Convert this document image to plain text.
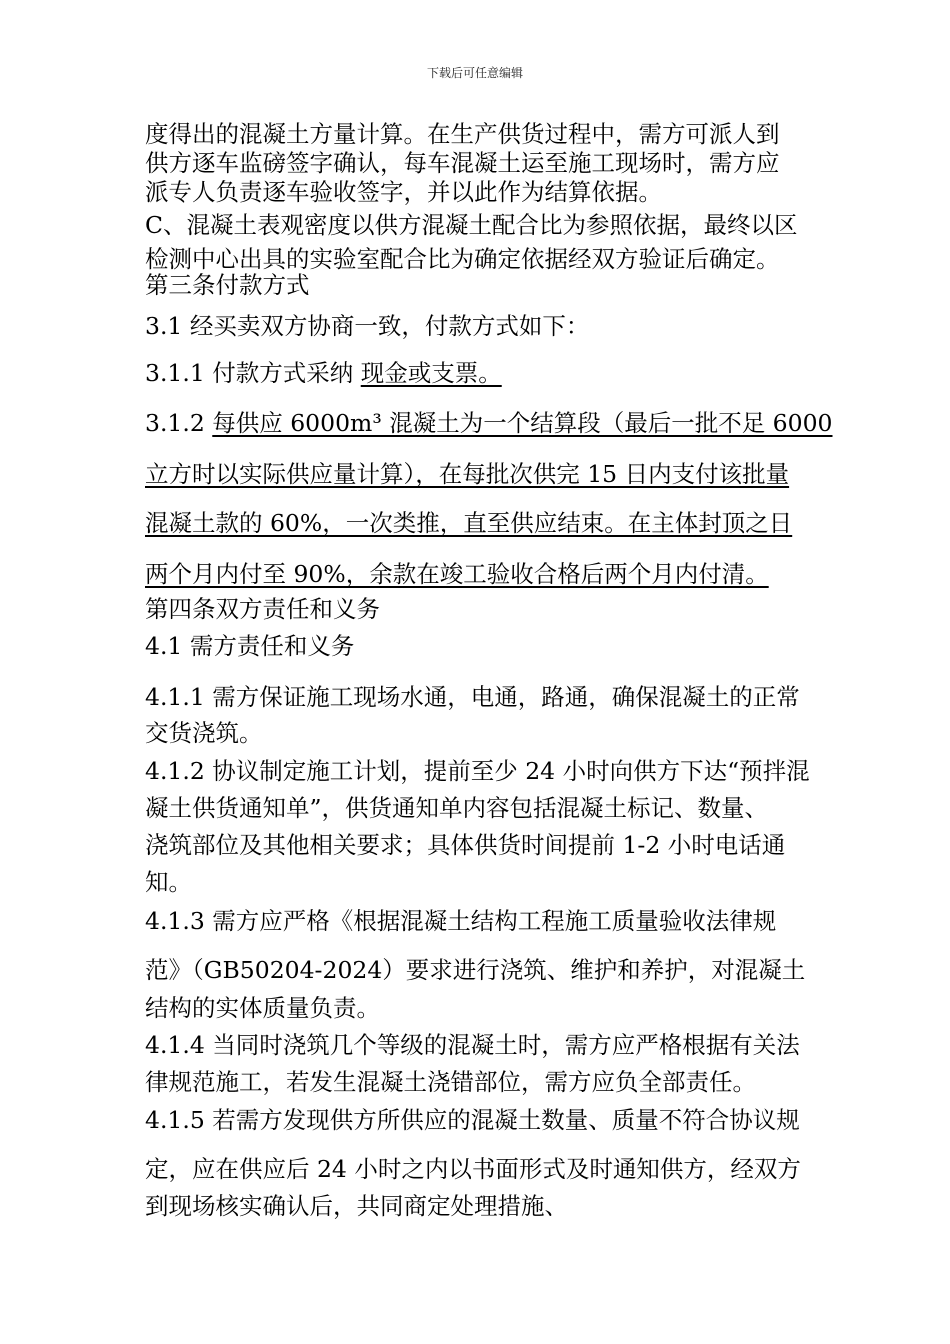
下载后可任意编辑
度得出的混凝土方量计算。在生产供货过程中，需方可派人到
供方逐车监磅签字确认，每车混凝土运至施工现场时，需方应
派专人负责逐车验收签字，并以此作为结算依据。
C、混凝土表观密度以供方混凝土配合比为参照依据，最终以区
检测中心出具的实验室配合比为确定依据经双方验证后确定。
第三条付款方式
3.1 经买卖双方协商一致，付款方式如下：
3.1.1 付款方式采纳 现金或支票。
3.1.2 每供应 6000m³ 混凝土为一个结算段（最后一批不足 6000
立方时以实际供应量计算），在每批次供完 15 日内支付该批量
混凝土款的 60%，一次类推，直至供应结束。在主体封顶之日
两个月内付至 90%，余款在竣工验收合格后两个月内付清。
第四条双方责任和义务
4.1 需方责任和义务
4.1.1 需方保证施工现场水通，电通，路通，确保混凝土的正常
交货浇筑。
4.1.2 协议制定施工计划，提前至少 24 小时向供方下达“预拌混
凝土供货通知单”，供货通知单内容包括混凝土标记、数量、
浇筑部位及其他相关要求；具体供货时间提前 1-2 小时电话通
知。
4.1.3 需方应严格《根据混凝土结构工程施工质量验收法律规
范》（GB50204-2024）要求进行浇筑、维护和养护，对混凝土
结构的实体质量负责。
4.1.4 当同时浇筑几个等级的混凝土时，需方应严格根据有关法
律规范施工，若发生混凝土浇错部位，需方应负全部责任。
4.1.5 若需方发现供方所供应的混凝土数量、质量不符合协议规
定，应在供应后 24 小时之内以书面形式及时通知供方，经双方
到现场核实确认后，共同商定处理措施、
